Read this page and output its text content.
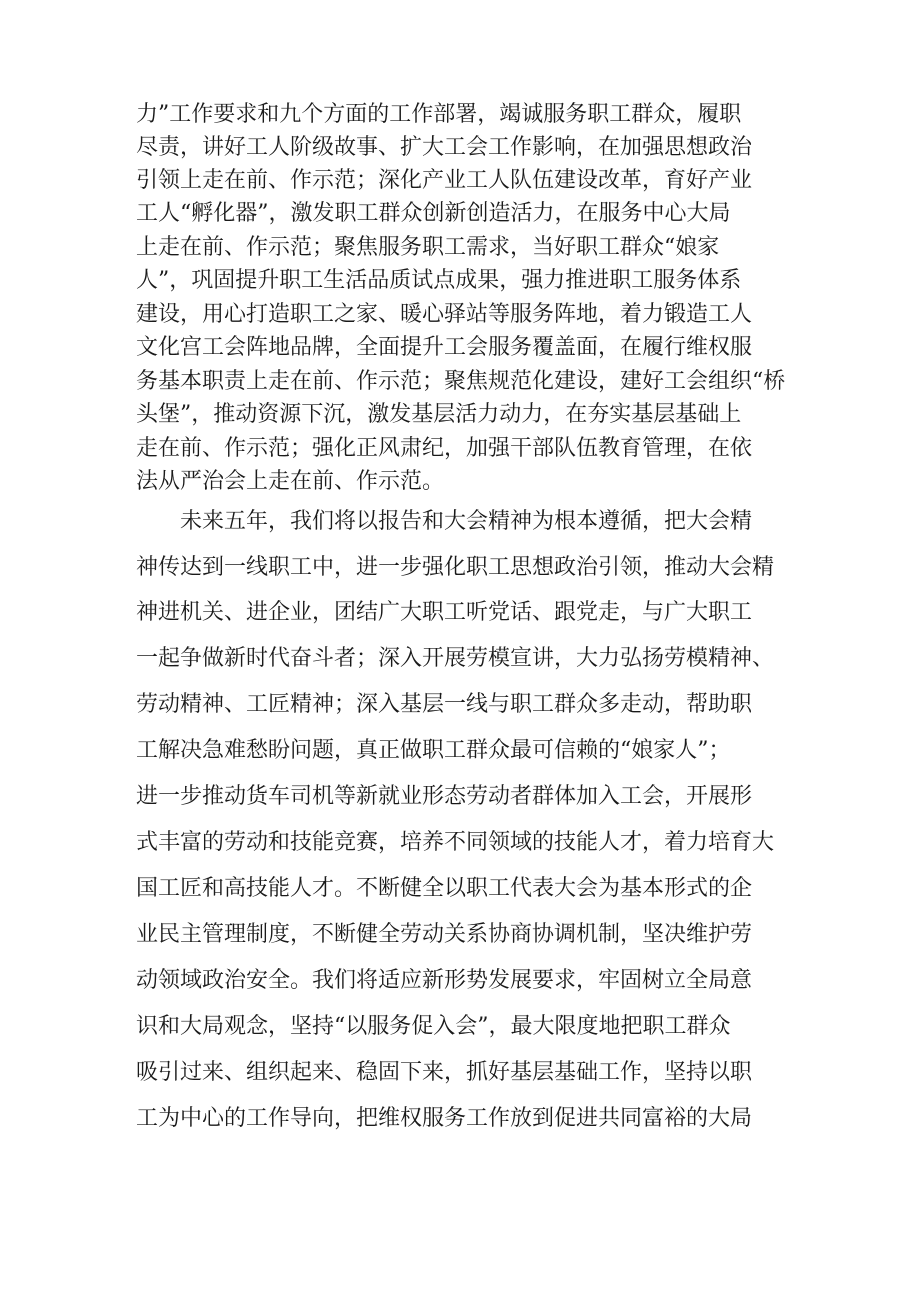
力”工作要求和九个方面的工作部署，竭诚服务职工群众，履职
尽责，讲好工人阶级故事、扩大工会工作影响，在加强思想政治
引领上走在前、作示范；深化产业工人队伍建设改革，育好产业
工人“孵化器”，激发职工群众创新创造活力，在服务中心大局
上走在前、作示范；聚焦服务职工需求，当好职工群众“娘家
人”，巩固提升职工生活品质试点成果，强力推进职工服务体系
建设，用心打造职工之家、暖心驿站等服务阵地，着力锻造工人
文化宫工会阵地品牌，全面提升工会服务覆盖面，在履行维权服
务基本职责上走在前、作示范；聚焦规范化建设，建好工会组织“桥
头堡”，推动资源下沉，激发基层活力动力，在夯实基层基础上
走在前、作示范；强化正风肃纪，加强干部队伍教育管理，在依
法从严治会上走在前、作示范。
未来五年，我们将以报告和大会精神为根本遵循，把大会精
神传达到一线职工中，进一步强化职工思想政治引领，推动大会精
神进机关、进企业，团结广大职工听党话、跟党走，与广大职工
一起争做新时代奋斗者；深入开展劳模宣讲，大力弘扬劳模精神、
劳动精神、工匠精神；深入基层一线与职工群众多走动，帮助职
工解决急难愁盼问题，真正做职工群众最可信赖的“娘家人”；
进一步推动货车司机等新就业形态劳动者群体加入工会，开展形
式丰富的劳动和技能竞赛，培养不同领域的技能人才，着力培育大
国工匠和高技能人才。不断健全以职工代表大会为基本形式的企
业民主管理制度，不断健全劳动关系协商协调机制，坚决维护劳
动领域政治安全。我们将适应新形势发展要求，牢固树立全局意
识和大局观念，坚持“以服务促入会”，最大限度地把职工群众
吸引过来、组织起来、稳固下来，抓好基层基础工作，坚持以职
工为中心的工作导向，把维权服务工作放到促进共同富裕的大局
